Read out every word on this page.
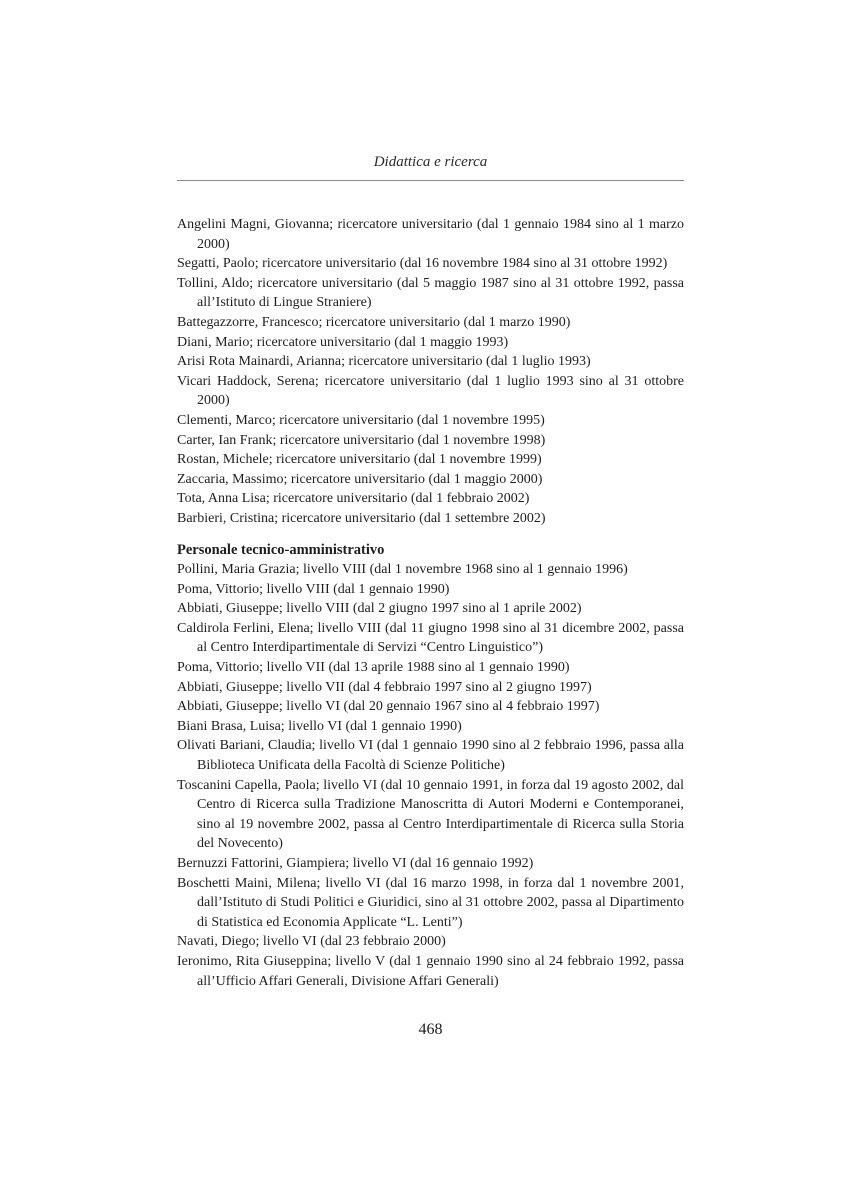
Didattica e ricerca

Angelini Magni, Giovanna; ricercatore universitario (dal 1 gennaio 1984 sino al 1 marzo 2000)

Segatti, Paolo; ricercatore universitario (dal 16 novembre 1984 sino al 31 ottobre 1992)

Tollini, Aldo; ricercatore universitario (dal 5 maggio 1987 sino al 31 ottobre 1992, passa all’Istituto di Lingue Straniere)

Battegazzorre, Francesco; ricercatore universitario (dal 1 marzo 1990)

Diani, Mario; ricercatore universitario (dal 1 maggio 1993)

Arisi Rota Mainardi, Arianna; ricercatore universitario (dal 1 luglio 1993)

Vicari Haddock, Serena; ricercatore universitario (dal 1 luglio 1993 sino al 31 ottobre 2000)

Clementi, Marco; ricercatore universitario (dal 1 novembre 1995)

Carter, Ian Frank; ricercatore universitario (dal 1 novembre 1998)

Rostan, Michele; ricercatore universitario (dal 1 novembre 1999)

Zaccaria, Massimo; ricercatore universitario (dal 1 maggio 2000)

Tota, Anna Lisa; ricercatore universitario (dal 1 febbraio 2002)

Barbieri, Cristina; ricercatore universitario (dal 1 settembre 2002)

Personale tecnico-amministrativo

Pollini, Maria Grazia; livello VIII (dal 1 novembre 1968 sino al 1 gennaio 1996)

Poma, Vittorio; livello VIII (dal 1 gennaio 1990)

Abbiati, Giuseppe; livello VIII (dal 2 giugno 1997 sino al 1 aprile 2002)

Caldirola Ferlini, Elena; livello VIII (dal 11 giugno 1998 sino al 31 dicembre 2002, passa al Centro Interdipartimentale di Servizi “Centro Linguistico”)

Poma, Vittorio; livello VII (dal 13 aprile 1988 sino al 1 gennaio 1990)

Abbiati, Giuseppe; livello VII (dal 4 febbraio 1997 sino al 2 giugno 1997)

Abbiati, Giuseppe; livello VI (dal 20 gennaio 1967 sino al 4 febbraio 1997)

Biani Brasa, Luisa; livello VI (dal 1 gennaio 1990)

Olivati Bariani, Claudia; livello VI (dal 1 gennaio 1990 sino al 2 febbraio 1996, passa alla Biblioteca Unificata della Facoltà di Scienze Politiche)

Toscanini Capella, Paola; livello VI (dal 10 gennaio 1991, in forza dal 19 agosto 2002, dal Centro di Ricerca sulla Tradizione Manoscritta di Autori Moderni e Contemporanei, sino al 19 novembre 2002, passa al Centro Interdipartimentale di Ricerca sulla Storia del Novecento)

Bernuzzi Fattorini, Giampiera; livello VI (dal 16 gennaio 1992)

Boschetti Maini, Milena; livello VI (dal 16 marzo 1998, in forza dal 1 novembre 2001, dall’Istituto di Studi Politici e Giuridici, sino al 31 ottobre 2002, passa al Dipartimento di Statistica ed Economia Applicate “L. Lenti”)

Navati, Diego; livello VI (dal 23 febbraio 2000)

Ieronimo, Rita Giuseppina; livello V (dal 1 gennaio 1990 sino al 24 febbraio 1992, passa all’Ufficio Affari Generali, Divisione Affari Generali)

468
